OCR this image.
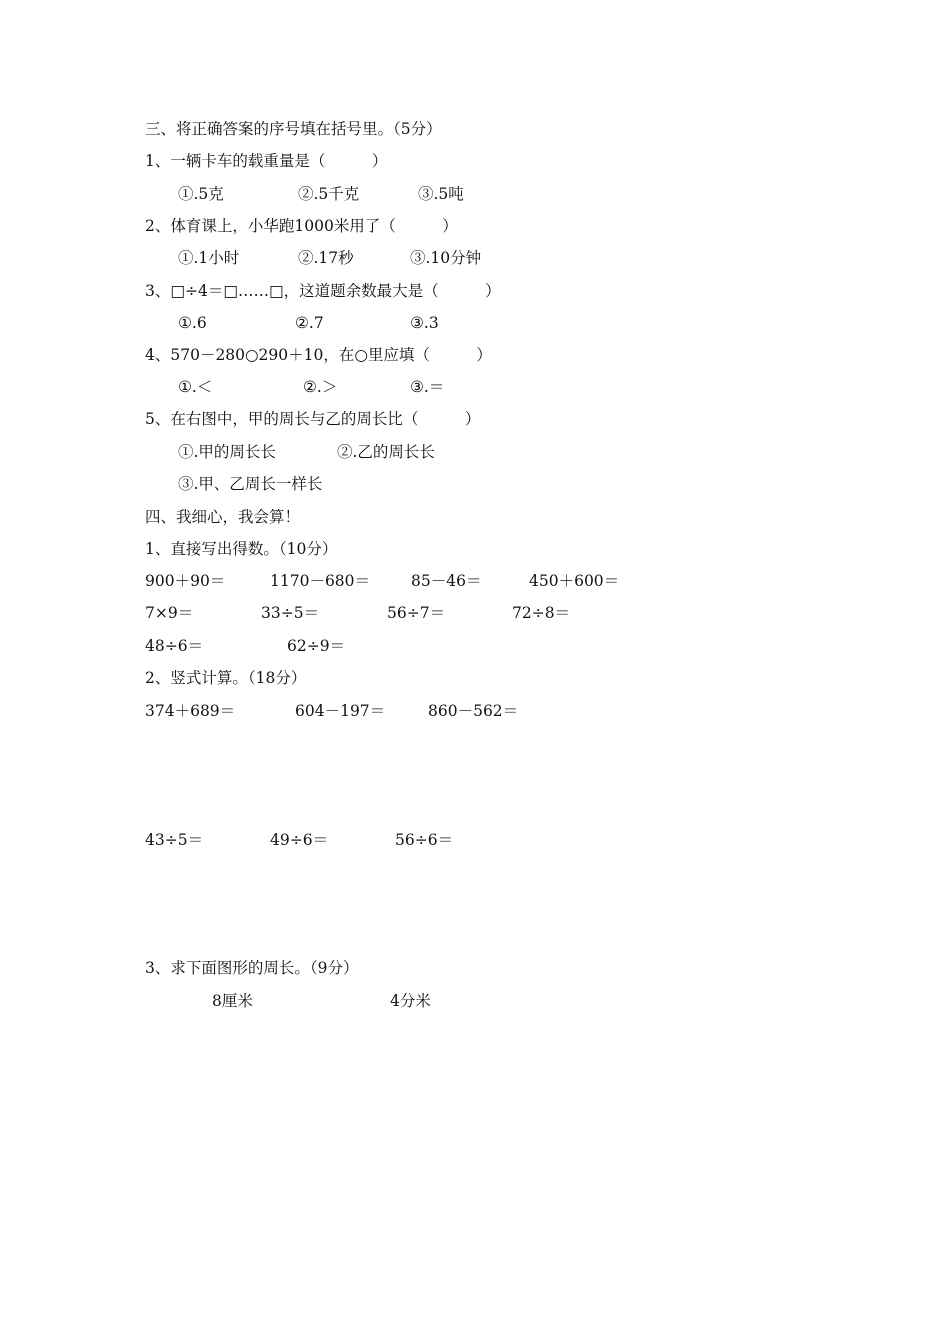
三、将正确答案的序号填在括号里。（5分）
1、一辆卡车的载重量是（　　　）
①.5克	②.5千克	③.5吨
2、体育课上，小华跑1000米用了（　　　）
①.1小时	②.17秒	③.10分钟
3、□÷4＝□……□，这道题余数最大是（　　　）
①.6	②.7	③.3
4、570－280○290＋10，在○里应填（　　　）
①.＜	②.＞	③.＝
5、在右图中，甲的周长与乙的周长比（　　　）
①.甲的周长长	②.乙的周长长
③.甲、乙周长一样长
四、我细心，我会算！
1、直接写出得数。（10分）
900＋90＝	1170－680＝	85－46＝	450＋600＝
7×9＝	33÷5＝	56÷7＝	72÷8＝
48÷6＝	62÷9＝
2、竖式计算。（18分）
374＋689＝	604－197＝	860－562＝
43÷5＝	49÷6＝	56÷6＝
3、求下面图形的周长。（9分）
8厘米	4分米
